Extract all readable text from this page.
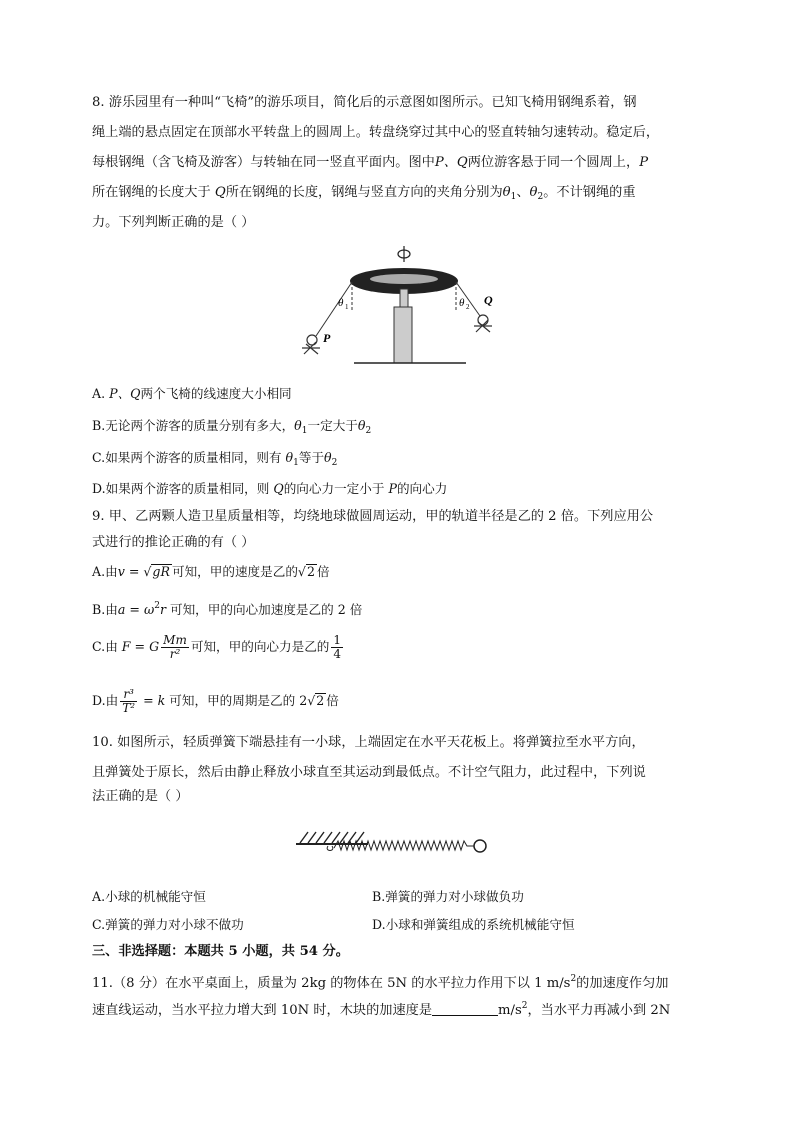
8. 游乐园里有一种叫“飞椅”的游乐项目，简化后的示意图如图所示。已知飞椅用钢绳系着，钢
绳上端的悬点固定在顶部水平转盘上的圆周上。转盘绕穿过其中心的竖直转轴匀速转动。稳定后，
每根钢绳（含飞椅及游客）与转轴在同一竖直平面内。图中P、Q两位游客悬于同一个圆周上，P
所在钢绳的长度大于 Q所在钢绳的长度，钢绳与竖直方向的夹角分别为$\theta_1$、$\theta_2$。不计钢绳的重
力。下列判断正确的是（ ）
P
Q
θ 1	θ 2
A. P、Q两个飞椅的线速度大小相同
B.无论两个游客的质量分别有多大，$\theta_1$一定大于$\theta_2$
C.如果两个游客的质量相同，则有 $\theta_1$等于$\theta_2$
D.如果两个游客的质量相同，则 Q的向心力一定小于 P的向心力
9. 甲、乙两颗人造卫星质量相等，均绕地球做圆周运动，甲的轨道半径是乙的 2 倍。下列应用公
式进行的推论正确的有（ ）
A.由v = √gR 可知，甲的速度是乙的√2 倍
B.由$a = \omega^2r$ 可知，甲的向心加速度是乙的 2 倍
C.由 F = G $\frac{Mm}{\text{r²}}$ 可知，甲的向心力是乙的 $\frac{1}{4}$
D.由 $\frac{\text{r³}}{\text{T²}} = k$ 可知，甲的周期是乙的 2√2 倍
10. 如图所示，轻质弹簧下端悬挂有一小球，上端固定在水平天花板上。将弹簧拉至水平方向，
且弹簧处于原长，然后由静止释放小球直至其运动到最低点。不计空气阻力，此过程中，下列说
法正确的是（ ）
A.小球的机械能守恒	B.弹簧的弹力对小球做负功
C.弹簧的弹力对小球不做功	D.小球和弹簧组成的系统机械能守恒
三、非选择题：本题共 5 小题，共 54 分。
11.（8 分）在水平桌面上，质量为 2kg 的物体在 5N 的水平拉力作用下以 1 $m/s^2$的加速度作匀加
速直线运动，当水平拉力增大到 10N 时，木块的加速度是	$m/s^2$，当水平力再减小到 2N
